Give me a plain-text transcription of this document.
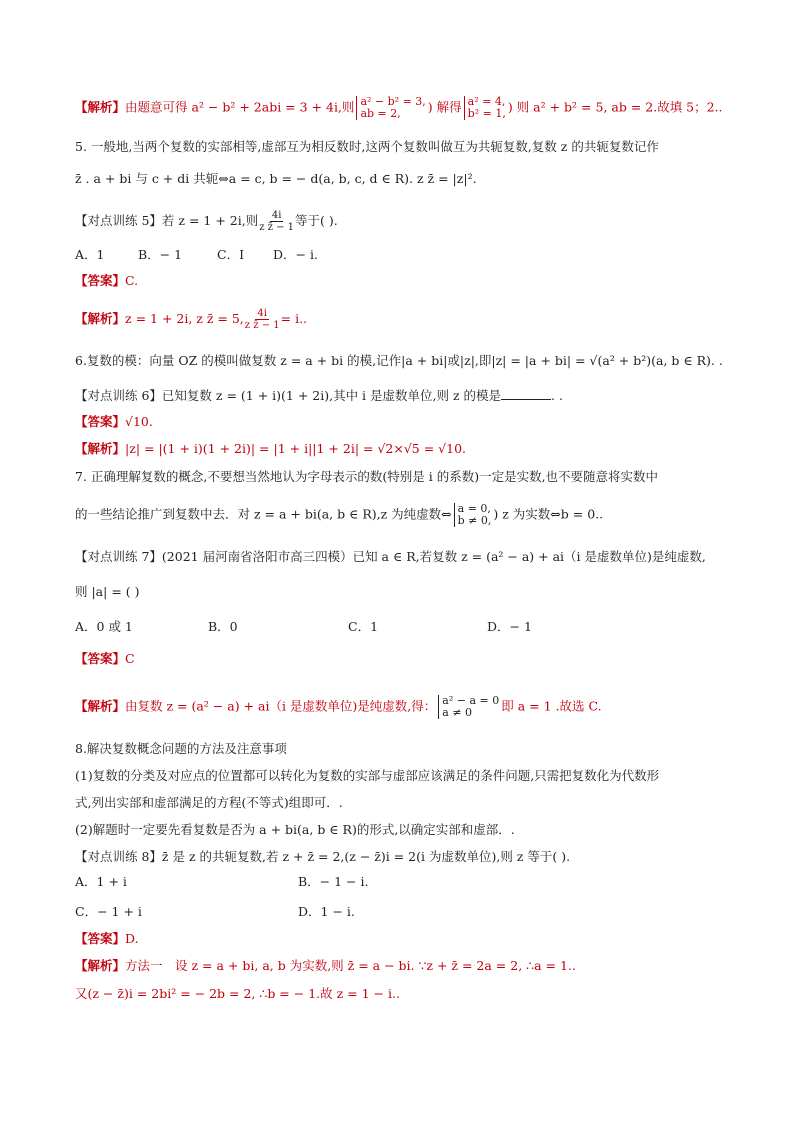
【解析】由题意可得 a² − b² + 2abi = 3 + 4i,则 a² − b² = 3,
ab = 2, ) 解得 a² = 4,
b² = 1, ) 则 a² + b² = 5, ab = 2.故填 5；2..
5. 一般地,当两个复数的实部相等,虚部互为相反数时,这两个复数叫做互为共轭复数,复数 z 的共轭复数记作
z̄ . a + bi 与 c + di 共轭⇔a = c, b = − d(a, b, c, d ∈ R). z z̄ = |z|².
【对点训练 5】若 z = 1 + 2i,则 $\frac{4i}{\text{z z̄ − 1}}$ 等于( ).
A．1	B．− 1	C．I D．− i.
【答案】C.
【解析】z = 1 + 2i, z z̄ = 5, $\frac{4i}{\text{z z̄ − 1}} = i$..
6.复数的模：向量 OZ 的模叫做复数 z = a + bi 的模,记作|a + bi|或|z|,即|z| = |a + bi| = √(a² + b²)(a, b ∈ R). .
【对点训练 6】已知复数 z = (1 + i)(1 + 2i),其中 i 是虚数单位,则 z 的模是	. .
【答案】√10.
【解析】|z| = |(1 + i)(1 + 2i)| = |1 + i||1 + 2i| = √2×√5 = √10.
7. 正确理解复数的概念,不要想当然地认为字母表示的数(特别是 i 的系数)一定是实数,也不要随意将实数中
的一些结论推广到复数中去．对 z = a + bi(a, b ∈ R),z 为纯虚数⇔ a = 0,
b ≠ 0, ) z 为实数⇔b = 0..
【对点训练 7】(2021 届河南省洛阳市高三四模）已知 a ∈ R,若复数 z = (a² − a) + ai（i 是虚数单位)是纯虚数,
则 |a| = ( )
A．0 或 1	B．0	C．1	D．− 1
【答案】C
【解析】由复数 z = (a² − a) + ai（i 是虚数单位)是纯虚数,得： a² − a = 0
a ≠ 0 即 a = 1 .故选 C.
8.解决复数概念问题的方法及注意事项
(1)复数的分类及对应点的位置都可以转化为复数的实部与虚部应该满足的条件问题,只需把复数化为代数形
式,列出实部和虚部满足的方程(不等式)组即可．.
(2)解题时一定要先看复数是否为 a + bi(a, b ∈ R)的形式,以确定实部和虚部．.
【对点训练 8】z̄ 是 z 的共轭复数,若 z + z̄ = 2,(z − z̄)i = 2(i 为虚数单位),则 z 等于( ).
A．1 + i	B．− 1 − i.
C．− 1 + i	D．1 − i.
【答案】D.
【解析】方法一　设 z = a + bi, a, b 为实数,则 z̄ = a − bi. ∵z + z̄ = 2a = 2, ∴a = 1..
又(z − z̄)i = 2bi² = − 2b = 2, ∴b = − 1.故 z = 1 − i..
